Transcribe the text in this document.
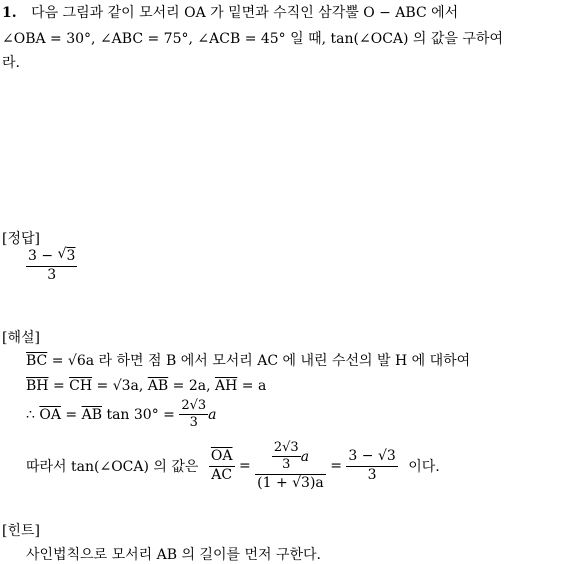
1. 다음 그림과 같이 모서리 OA 가 밑면과 수직인 삼각뿔 O − ABC 에서
∠OBA = 30°, ∠ABC = 75°, ∠ACB = 45° 일 때, tan(∠OCA) 의 값을 구하여
라.
[정답]
$\frac{3 - √ 3}{3}$
[해설]
$\overline{BC} = √6a$ 라 하면 점 B 에서 모서리 AC 에 내린 수선의 발 H 에 대하여
$\overline{BH} = \overline{CH} = √3a$, $\overline{AB} = 2a$, $\overline{AH} = a$
∴ $\overline{OA} = \overline{AB}$ $\tan 30^\circ = \frac{2√3}{3}$ a
따라서 tan(∠OCA) 의 값은 $\frac{\overline{OA}}{AC} = \frac{\frac{2√3}{3} a}{(1 + √3)a} = \frac{3 - √3}{3}$ 이다.
[힌트]
사인법칙으로 모서리 AB 의 길이를 먼저 구한다.
